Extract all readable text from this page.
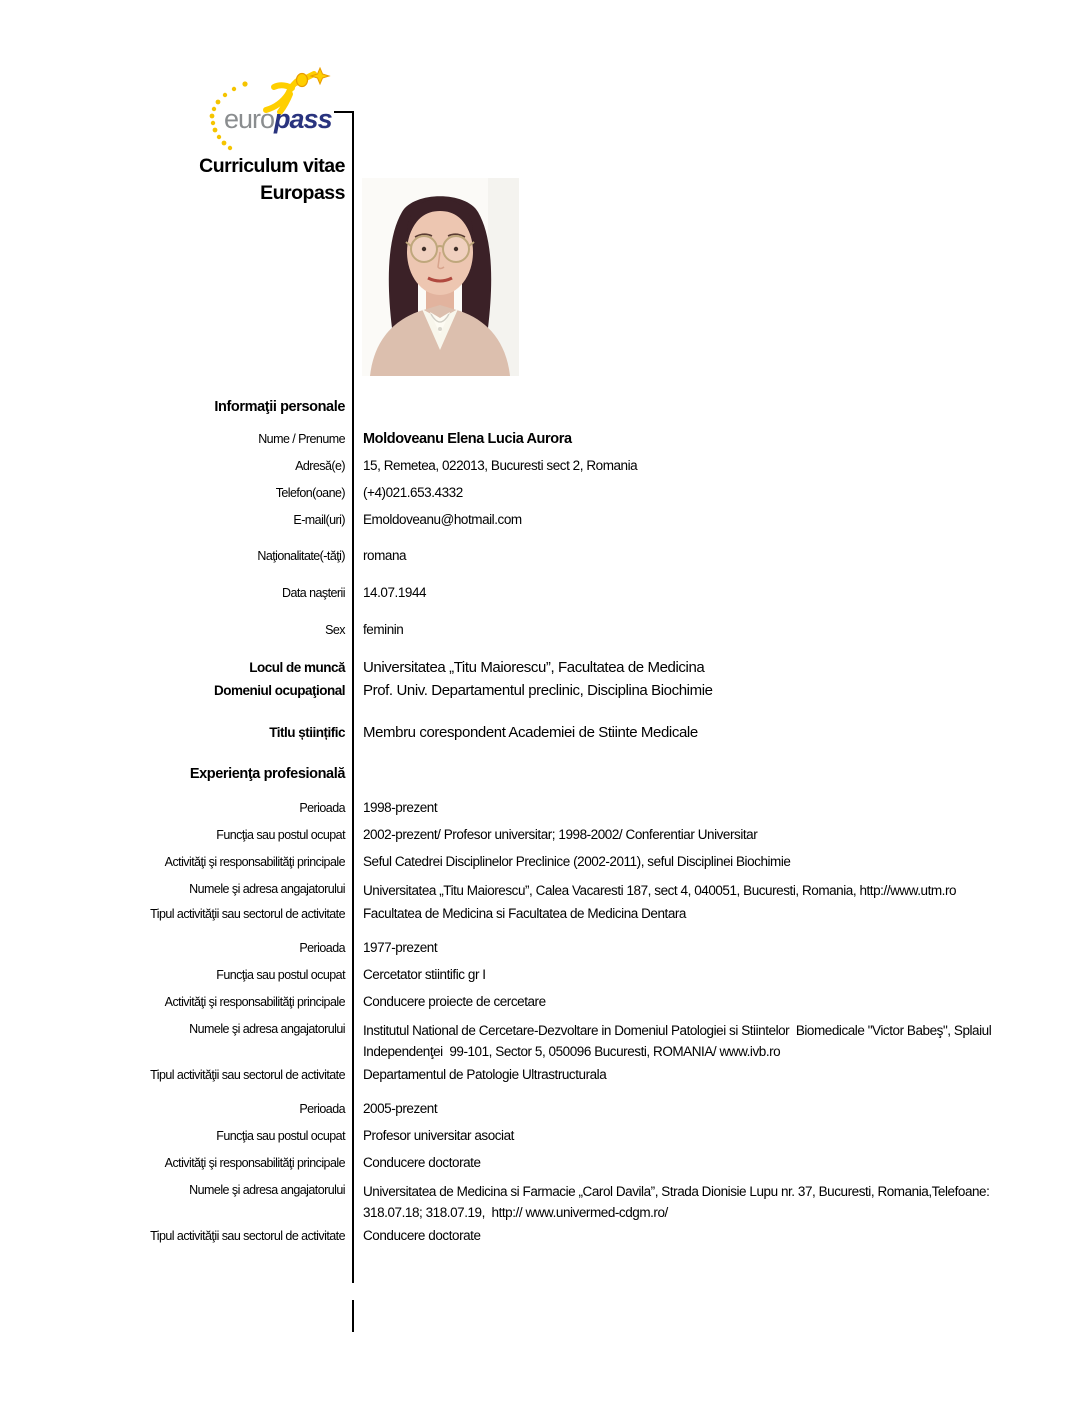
europass
Curriculum vitae
Europass
Informaţii personale
Nume / Prenume Moldoveanu Elena Lucia Aurora
Adresă(e) 15, Remetea, 022013, Bucuresti sect 2, Romania
Telefon(oane) (+4)021.653.4332
E-mail(uri) Emoldoveanu@hotmail.com
Naţionalitate(-tăţi) romana
Data naşterii 14.07.1944
Sex feminin
Locul de muncă
Domeniul ocupaţional
Universitatea „Titu Maiorescu”, Facultatea de Medicina
Prof. Univ. Departamentul preclinic, Disciplina Biochimie
Titlu științific Membru corespondent Academiei de Stiinte Medicale
Experienţa profesională
Perioada 1998-prezent
Funcţia sau postul ocupat 2002-prezent/ Profesor universitar; 1998-2002/ Conferentiar Universitar
Activităţi şi responsabilităţi principale Seful Catedrei Disciplinelor Preclinice (2002-2011), seful Disciplinei Biochimie
Numele şi adresa angajatorului Universitatea „Titu Maiorescu”, Calea Vacaresti 187, sect 4, 040051, Bucuresti, Romania, http://www.utm.ro
Tipul activităţii sau sectorul de activitate Facultatea de Medicina si Facultatea de Medicina Dentara
Perioada 1977-prezent
Funcţia sau postul ocupat Cercetator stiintific gr I
Activităţi şi responsabilităţi principale Conducere proiecte de cercetare
Numele şi adresa angajatorului Institutul National de Cercetare-Dezvoltare in Domeniul Patologiei si Stiintelor  Biomedicale "Victor Babeş", Splaiul Independenţei  99-101, Sector 5, 050096 Bucuresti, ROMANIA/ www.ivb.ro
Tipul activităţii sau sectorul de activitate Departamentul de Patologie Ultrastructurala
Perioada 2005-prezent
Funcţia sau postul ocupat Profesor universitar asociat
Activităţi şi responsabilităţi principale Conducere doctorate
Numele şi adresa angajatorului Universitatea de Medicina si Farmacie „Carol Davila”, Strada Dionisie Lupu nr. 37, Bucuresti, Romania,Telefoane: 318.07.18; 318.07.19,  http:// www.univermed-cdgm.ro/
Tipul activităţii sau sectorul de activitate Conducere doctorate
